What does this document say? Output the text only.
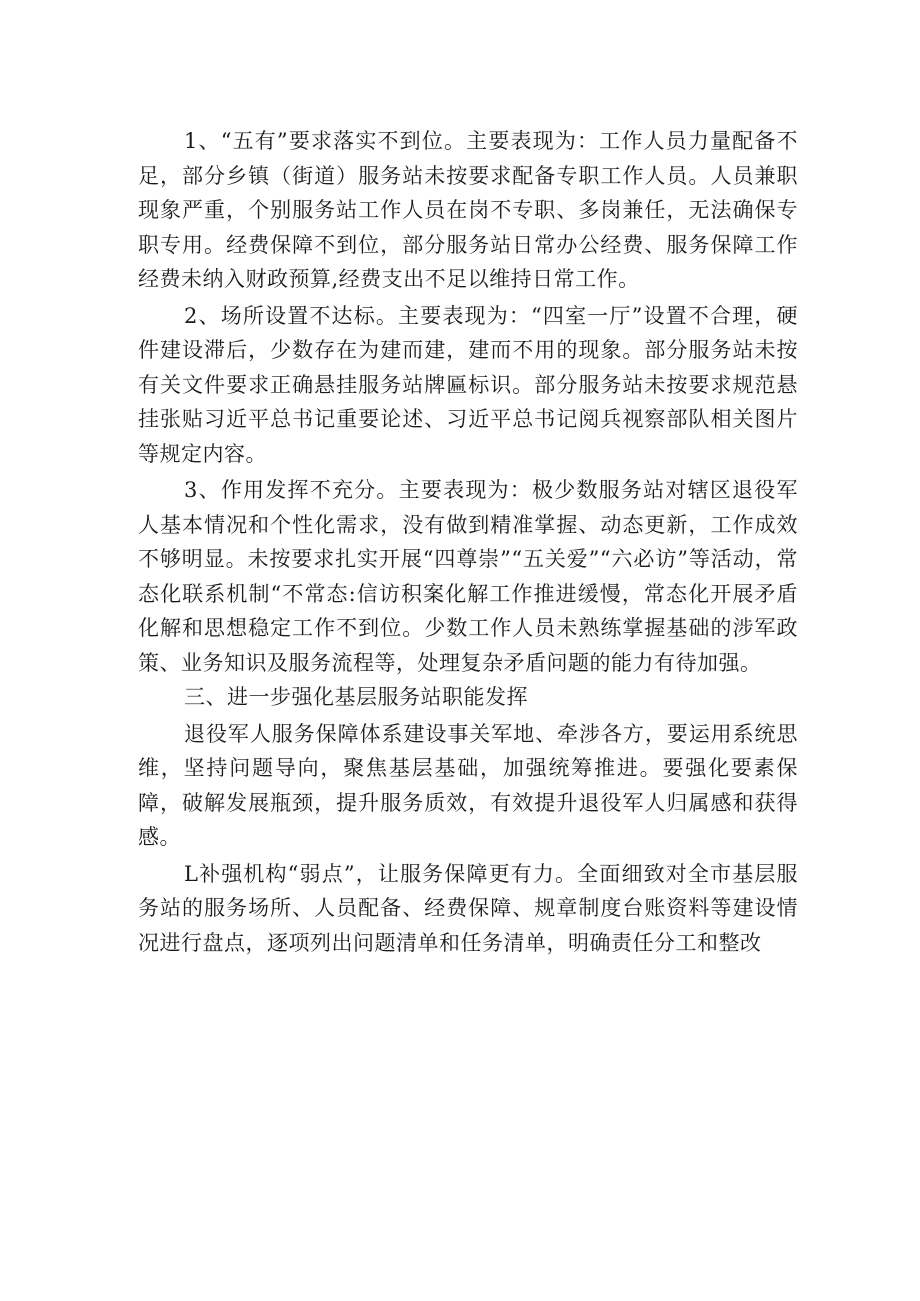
1、“五有”要求落实不到位。主要表现为：工作人员力量配备不足，部分乡镇（街道）服务站未按要求配备专职工作人员。人员兼职现象严重，个别服务站工作人员在岗不专职、多岗兼任，无法确保专职专用。经费保障不到位，部分服务站日常办公经费、服务保障工作经费未纳入财政预算,经费支出不足以维持日常工作。

2、场所设置不达标。主要表现为：“四室一厅”设置不合理，硬件建设滞后，少数存在为建而建，建而不用的现象。部分服务站未按有关文件要求正确悬挂服务站牌匾标识。部分服务站未按要求规范悬挂张贴习近平总书记重要论述、习近平总书记阅兵视察部队相关图片等规定内容。

3、作用发挥不充分。主要表现为：极少数服务站对辖区退役军人基本情况和个性化需求，没有做到精准掌握、动态更新，工作成效不够明显。未按要求扎实开展“四尊崇”“五关爱”“六必访”等活动，常态化联系机制“不常态:信访积案化解工作推进缓慢，常态化开展矛盾化解和思想稳定工作不到位。少数工作人员未熟练掌握基础的涉军政策、业务知识及服务流程等，处理复杂矛盾问题的能力有待加强。

三、进一步强化基层服务站职能发挥

退役军人服务保障体系建设事关军地、牵涉各方，要运用系统思维，坚持问题导向，聚焦基层基础，加强统筹推进。要强化要素保障，破解发展瓶颈，提升服务质效，有效提升退役军人归属感和获得感。

L补强机构“弱点”，让服务保障更有力。全面细致对全市基层服务站的服务场所、人员配备、经费保障、规章制度台账资料等建设情况进行盘点，逐项列出问题清单和任务清单，明确责任分工和整改
